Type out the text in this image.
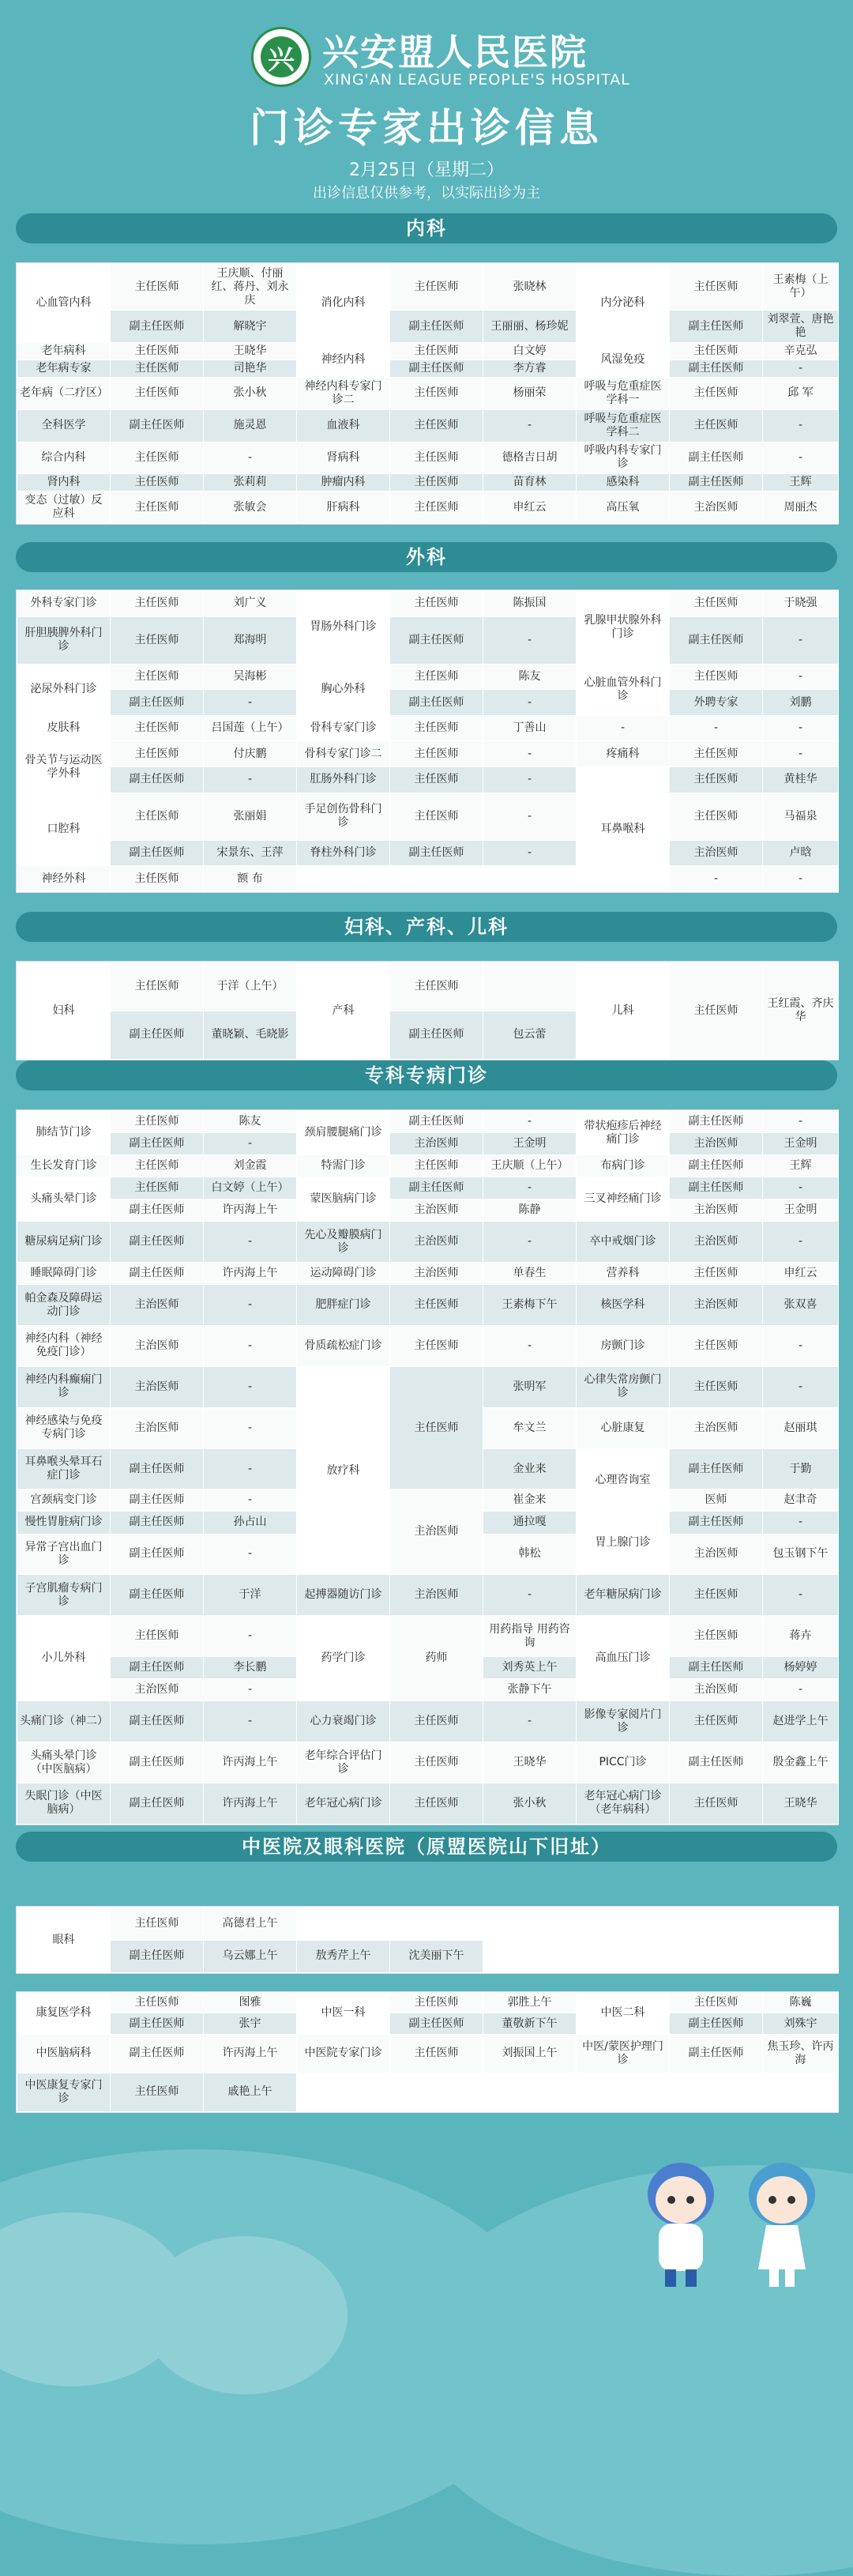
兴 兴安盟人民医院
XING'AN LEAGUE PEOPLE'S HOSPITAL
门诊专家出诊信息
2月25日（星期二）
出诊信息仅供参考，以实际出诊为主
内科
心血管内科	主任医师	王庆顺、付丽红、蒋丹、刘永庆	消化内科	主任医师	张晓林	内分泌科	主任医师	王素梅（上午）
	副主任医师	解晓宇		副主任医师	王丽丽、杨珍妮		副主任医师	刘翠萱、唐艳艳
老年病科	主任医师	王晓华	神经内科	主任医师	白文婷	风湿免疫	主任医师	辛克弘
老年病专家	主任医师	司艳华		副主任医师	李方睿		副主任医师	-
老年病（二疗区）	主任医师	张小秋	神经内科专家门诊二	主任医师	杨丽荣	呼吸与危重症医学科一	主任医师	邱 军
全科医学	副主任医师	施灵恩	血液科	主任医师	-	呼吸与危重症医学科二	主任医师	-
综合内科	主任医师	-	肾病科	主任医师	德格吉日胡	呼吸内科专家门诊	副主任医师	-
肾内科	主任医师	张莉莉	肿瘤内科	主任医师	苗育林	感染科	副主任医师	王辉
变态（过敏）反应科	主任医师	张敏会	肝病科	主任医师	申红云	高压氧	主治医师	周丽杰
外科
外科专家门诊	主任医师	刘广义	胃肠外科门诊	主任医师	陈振国	乳腺甲状腺外科门诊	主任医师	于晓强
肝胆胰脾外科门诊	主任医师	郑海明		副主任医师	-		副主任医师	-
泌尿外科门诊	主任医师	吴海彬	胸心外科	主任医师	陈友	心脏血管外科门诊	主任医师	-
	副主任医师	-		副主任医师	-		外聘专家	刘鹏
皮肤科	主任医师	吕国莲（上午）	骨科专家门诊	主任医师	丁善山	-	-	-

骨关节与运动医学外科	主任医师	付庆鹏	骨科专家门诊二	主任医师	-	疼痛科	主任医师	-
	副主任医师	-	肛肠外科门诊	主任医师	-	耳鼻喉科	主任医师	黄桂华
口腔科	主任医师	张丽娟	手足创伤骨科门诊	主任医师	-		主任医师	马福泉
	副主任医师	宋景东、王萍	脊柱外科门诊	副主任医师	-		主治医师	卢晗
神经外科	主任医师	额 布					-	-
妇科、产科、儿科
妇科	主任医师	于洋（上午）	产科	主任医师		儿科	主任医师	王红霞、齐庆华
	副主任医师	董晓颖、毛晓影		副主任医师	包云蕾			
专科专病门诊
肺结节门诊	主任医师	陈友	颈肩腰腿痛门诊	副主任医师	-	带状疱疹后神经痛门诊	副主任医师	-
	副主任医师	-		主治医师	王金明		主治医师	王金明
生长发育门诊	主任医师	刘金霞	特需门诊	主任医师	王庆顺（上午）	布病门诊	副主任医师	王辉
头痛头晕门诊	主任医师	白文婷（上午）	蒙医脑病门诊	副主任医师	-	三叉神经痛门诊	副主任医师	-
	副主任医师	许丙海上午		主治医师	陈静		主治医师	王金明
糖尿病足病门诊	副主任医师	-	先心及瓣膜病门诊	主治医师	-	卒中戒烟门诊	主治医师	-
睡眠障碍门诊	副主任医师	许丙海上午	运动障碍门诊	主治医师	单春生	营养科	主任医师	申红云
帕金森及障碍运动门诊	主治医师	-	肥胖症门诊	主任医师	王素梅下午	核医学科	主治医师	张双喜
神经内科（神经免疫门诊）	主治医师	-	骨质疏松症门诊	主任医师	-	房颤门诊	主任医师	-
神经内科癫痫门诊	主治医师	-	放疗科	主任医师	张明军	心律失常房颤门诊	主任医师	-
神经感染与免疫专病门诊	主治医师	-			牟文兰	心脏康复	主治医师	赵丽琪
耳鼻喉头晕耳石症门诊	副主任医师	-			金业来	心理咨询室	副主任医师	于勤
宫颈病变门诊	副主任医师	-		主治医师	崔金来		医师	赵聿奇
慢性胃脏病门诊	副主任医师	孙占山			通拉嘎	胃上腺门诊	副主任医师	-
异常子宫出血门诊	副主任医师	-			韩松		主治医师	包玉钢下午
子宫肌瘤专病门诊	副主任医师	于洋	起搏器随访门诊	主治医师	-	老年糖尿病门诊	主任医师	-
小儿外科	主任医师	-	药学门诊	药师	用药指导 用药咨询	高血压门诊	主任医师	蒋卉
	副主任医师	李长鹏			刘秀英上午		副主任医师	杨婷婷
	主治医师	-			张静下午		主治医师	-
头痛门诊（神二）	副主任医师	-	心力衰竭门诊	主任医师	-	影像专家阅片门诊	主任医师	赵进学上午
头痛头晕门诊（中医脑病）	副主任医师	许丙海上午	老年综合评估门诊	主任医师	王晓华	PICC门诊	副主任医师	殷金鑫上午
失眠门诊（中医脑病）	副主任医师	许丙海上午	老年冠心病门诊	主任医师	张小秋	老年冠心病门诊（老年病科）	主任医师	王晓华
中医院及眼科医院（原盟医院山下旧址）
眼科	主任医师	高德君上午			
	副主任医师	乌云娜上午	敖秀芹上午	沈美丽下午	
康复医学科	主任医师	图雅	中医一科	主任医师	郭胜上午	中医二科	主任医师	陈巍
	副主任医师	张宇		副主任医师	董敬新下午		副主任医师	刘殊宇
中医脑病科	副主任医师	许丙海上午	中医院专家门诊	主任医师	刘振国上午	中医/蒙医护理门诊	副主任医师	焦玉珍、许丙海
中医康复专家门诊	主任医师	戚艳上午						
